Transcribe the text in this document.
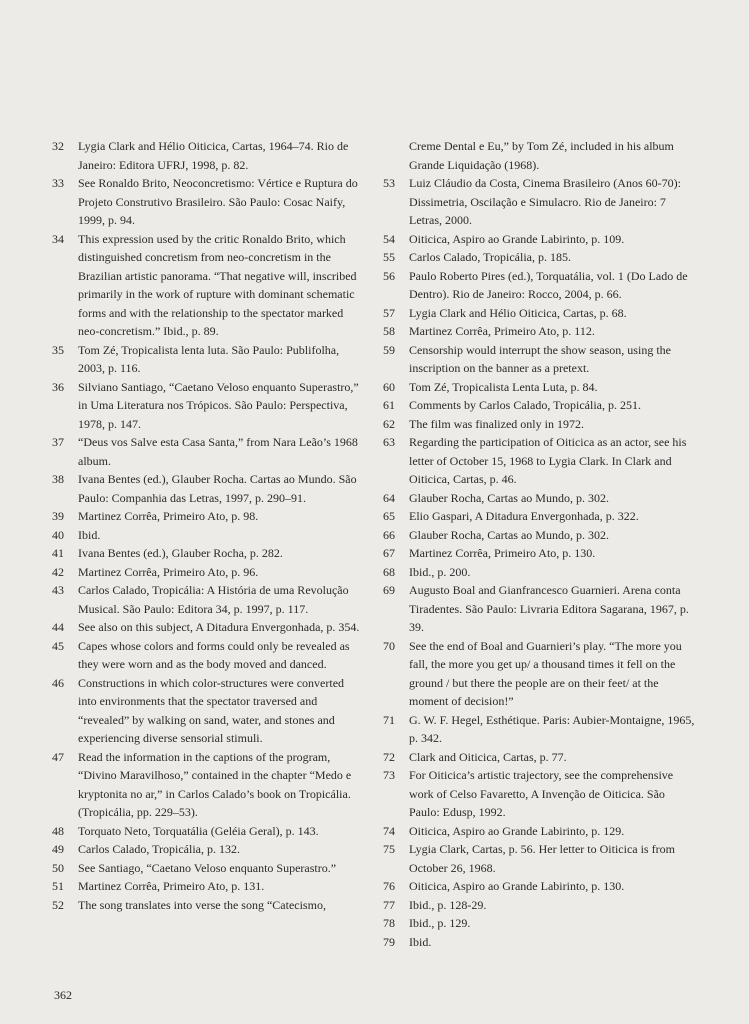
32	Lygia Clark and Hélio Oiticica, Cartas, 1964–74. Rio de Janeiro: Editora UFRJ, 1998, p. 82.
33	See Ronaldo Brito, Neoconcretismo: Vértice e Ruptura do Projeto Construtivo Brasileiro. São Paulo: Cosac Naify, 1999, p. 94.
34	This expression used by the critic Ronaldo Brito, which distinguished concretism from neo-concretism in the Brazilian artistic panorama. “That negative will, inscribed primarily in the work of rupture with dominant schematic forms and with the relationship to the spectator marked neo-concretism.” Ibid., p. 89.
35	Tom Zé, Tropicalista lenta luta. São Paulo: Publifolha, 2003, p. 116.
36	Silviano Santiago, “Caetano Veloso enquanto Superastro,” in Uma Literatura nos Trópicos. São Paulo: Perspectiva, 1978, p. 147.
37	“Deus vos Salve esta Casa Santa,” from Nara Leão’s 1968 album.
38	Ivana Bentes (ed.), Glauber Rocha. Cartas ao Mundo. São Paulo: Companhia das Letras, 1997, p. 290–91.
39	Martinez Corrêa, Primeiro Ato, p. 98.
40	Ibid.
41	Ivana Bentes (ed.), Glauber Rocha, p. 282.
42	Martinez Corrêa, Primeiro Ato, p. 96.
43	Carlos Calado, Tropicália: A História de uma Revolução Musical. São Paulo: Editora 34, p. 1997, p. 117.
44	See also on this subject, A Ditadura Envergonhada, p. 354.
45	Capes whose colors and forms could only be revealed as they were worn and as the body moved and danced.
46	Constructions in which color-structures were converted into environments that the spectator traversed and “revealed” by walking on sand, water, and stones and experiencing diverse sensorial stimuli.
47	Read the information in the captions of the program, “Divino Maravilhoso,” contained in the chapter “Medo e kryptonita no ar,” in Carlos Calado’s book on Tropicália. (Tropicália, pp. 229–53).
48	Torquato Neto, Torquatália (Geléia Geral), p. 143.
49	Carlos Calado, Tropicália, p. 132.
50	See Santiago, “Caetano Veloso enquanto Superastro.”
51	Martinez Corrêa, Primeiro Ato, p. 131.
52	The song translates into verse the song “Catecismo,
Creme Dental e Eu,” by Tom Zé, included in his album Grande Liquidação (1968).
53	Luiz Cláudio da Costa, Cinema Brasileiro (Anos 60-70): Dissimetria, Oscilação e Simulacro. Rio de Janeiro: 7 Letras, 2000.
54	Oiticica, Aspiro ao Grande Labirinto, p. 109.
55	Carlos Calado, Tropicália, p. 185.
56	Paulo Roberto Pires (ed.), Torquatália, vol. 1 (Do Lado de Dentro). Rio de Janeiro: Rocco, 2004, p. 66.
57	Lygia Clark and Hélio Oiticica, Cartas, p. 68.
58	Martinez Corrêa, Primeiro Ato, p. 112.
59	Censorship would interrupt the show season, using the inscription on the banner as a pretext.
60	Tom Zé, Tropicalista Lenta Luta, p. 84.
61	Comments by Carlos Calado, Tropicália, p. 251.
62	The film was finalized only in 1972.
63	Regarding the participation of Oiticica as an actor, see his letter of October 15, 1968 to Lygia Clark. In Clark and Oiticica, Cartas, p. 46.
64	Glauber Rocha, Cartas ao Mundo, p. 302.
65	Elio Gaspari, A Ditadura Envergonhada, p. 322.
66	Glauber Rocha, Cartas ao Mundo, p. 302.
67	Martinez Corrêa, Primeiro Ato, p. 130.
68	Ibid., p. 200.
69	Augusto Boal and Gianfrancesco Guarnieri. Arena conta Tiradentes. São Paulo: Livraria Editora Sagarana, 1967, p. 39.
70	See the end of Boal and Guarnieri’s play. “The more you fall, the more you get up/ a thousand times it fell on the ground / but there the people are on their feet/ at the moment of decision!”
71	G. W. F. Hegel, Esthétique. Paris: Aubier-Montaigne, 1965, p. 342.
72	Clark and Oiticica, Cartas, p. 77.
73	For Oiticica’s artistic trajectory, see the comprehensive work of Celso Favaretto, A Invenção de Oiticica. São Paulo: Edusp, 1992.
74	Oiticica, Aspiro ao Grande Labirinto, p. 129.
75	Lygia Clark, Cartas, p. 56. Her letter to Oiticica is from October 26, 1968.
76	Oiticica, Aspiro ao Grande Labirinto, p. 130.
77	Ibid., p. 128-29.
78	Ibid., p. 129.
79	Ibid.
362
